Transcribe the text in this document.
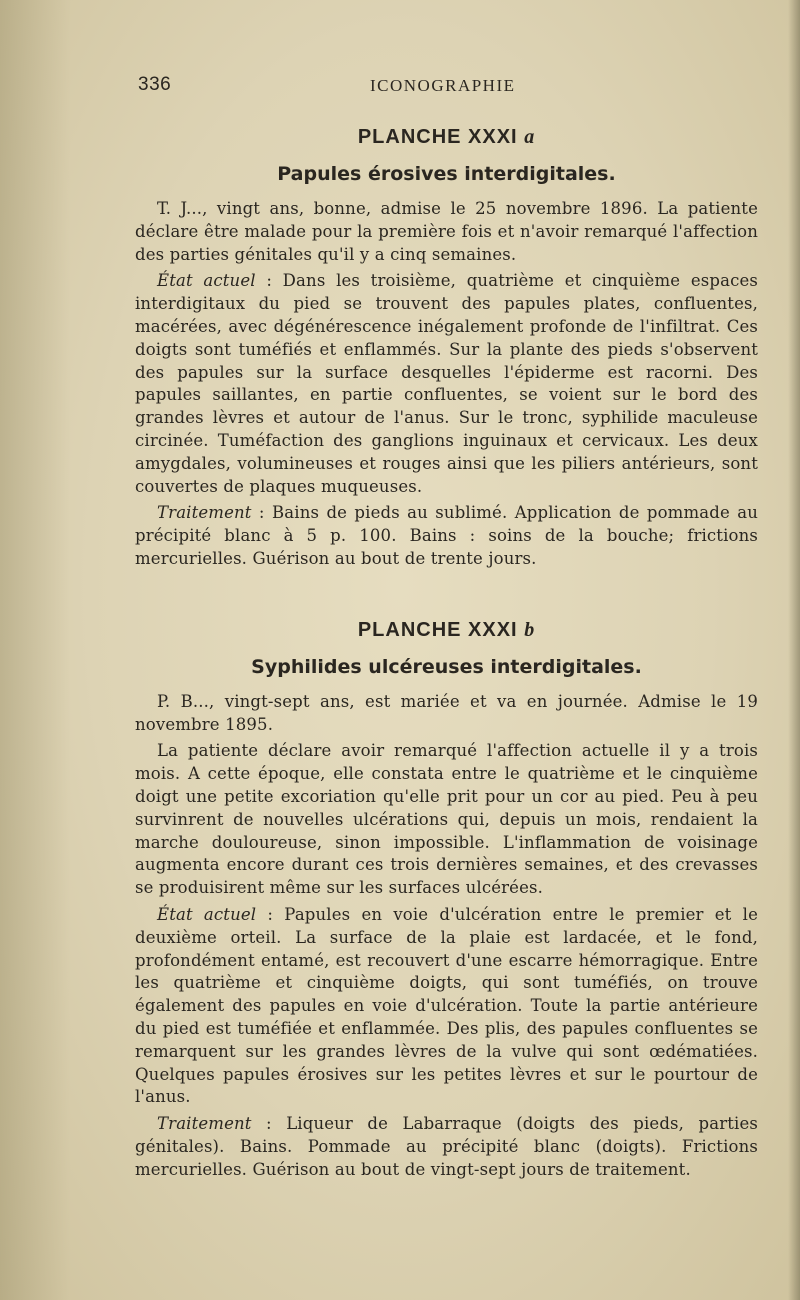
336	ICONOGRAPHIE
PLANCHE XXXI a
Papules érosives interdigitales.

T. J..., vingt ans, bonne, admise le 25 novembre 1896. La patiente déclare être malade pour la première fois et n'avoir remarqué l'affection des parties génitales qu'il y a cinq semaines.

État actuel : Dans les troisième, quatrième et cinquième espaces interdigitaux du pied se trouvent des papules plates, confluentes, macérées, avec dégénérescence inégalement profonde de l'infiltrat. Ces doigts sont tuméfiés et enflammés. Sur la plante des pieds s'observent des papules sur la surface desquelles l'épiderme est racorni. Des papules saillantes, en partie confluentes, se voient sur le bord des grandes lèvres et autour de l'anus. Sur le tronc, syphilide maculeuse circinée. Tuméfaction des ganglions inguinaux et cervicaux. Les deux amygdales, volumineuses et rouges ainsi que les piliers antérieurs, sont couvertes de plaques muqueuses.

Traitement : Bains de pieds au sublimé. Application de pommade au précipité blanc à 5 p. 100. Bains : soins de la bouche; frictions mercurielles. Guérison au bout de trente jours.

PLANCHE XXXI b
Syphilides ulcéreuses interdigitales.

P. B..., vingt-sept ans, est mariée et va en journée. Admise le 19 novembre 1895.

La patiente déclare avoir remarqué l'affection actuelle il y a trois mois. A cette époque, elle constata entre le quatrième et le cinquième doigt une petite excoriation qu'elle prit pour un cor au pied. Peu à peu survinrent de nouvelles ulcérations qui, depuis un mois, rendaient la marche douloureuse, sinon impossible. L'inflammation de voisinage augmenta encore durant ces trois dernières semaines, et des crevasses se produisirent même sur les surfaces ulcérées.

État actuel : Papules en voie d'ulcération entre le premier et le deuxième orteil. La surface de la plaie est lardacée, et le fond, profondément entamé, est recouvert d'une escarre hémorragique. Entre les quatrième et cinquième doigts, qui sont tuméfiés, on trouve également des papules en voie d'ulcération. Toute la partie antérieure du pied est tuméfiée et enflammée. Des plis, des papules confluentes se remarquent sur les grandes lèvres de la vulve qui sont œdématiées. Quelques papules érosives sur les petites lèvres et sur le pourtour de l'anus.

Traitement : Liqueur de Labarraque (doigts des pieds, parties génitales). Bains. Pommade au précipité blanc (doigts). Frictions mercurielles. Guérison au bout de vingt-sept jours de traitement.
